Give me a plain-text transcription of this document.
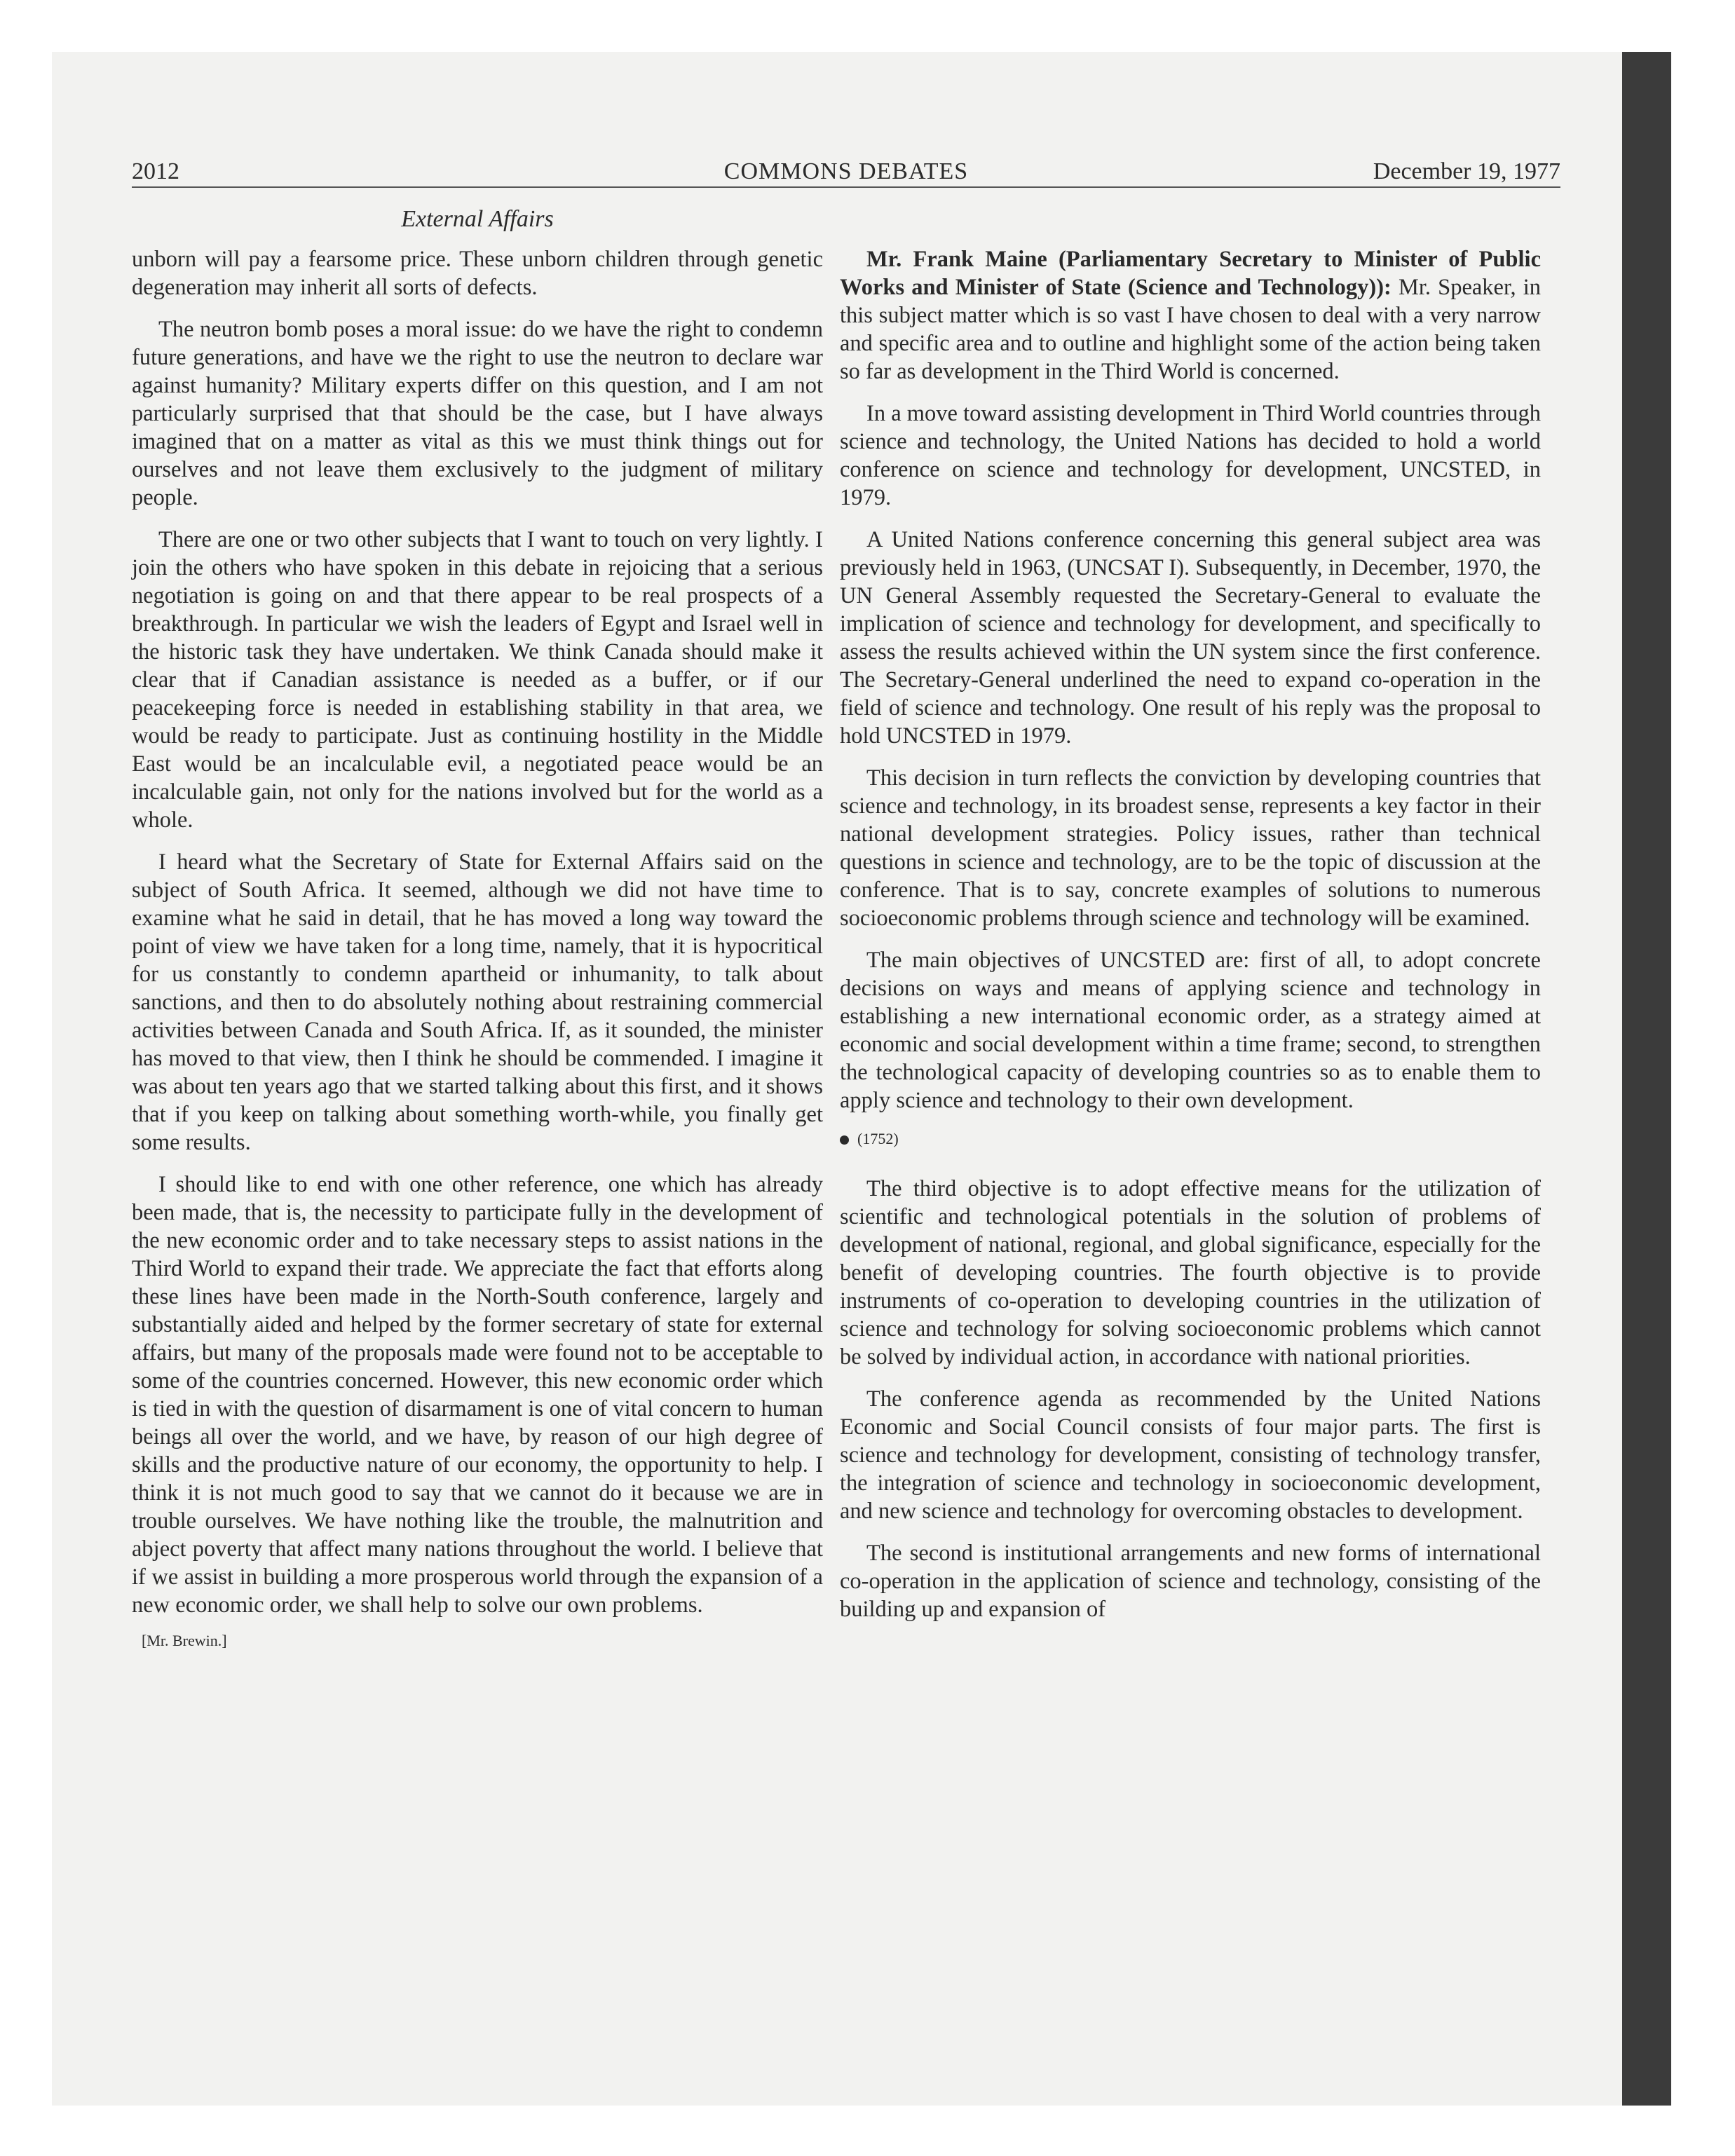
2012	COMMONS DEBATES	December 19, 1977
External Affairs

unborn will pay a fearsome price. These unborn children through genetic degeneration may inherit all sorts of defects.

The neutron bomb poses a moral issue: do we have the right to condemn future generations, and have we the right to use the neutron to declare war against humanity? Military experts differ on this question, and I am not particularly surprised that that should be the case, but I have always imagined that on a matter as vital as this we must think things out for ourselves and not leave them exclusively to the judgment of military people.

There are one or two other subjects that I want to touch on very lightly. I join the others who have spoken in this debate in rejoicing that a serious negotiation is going on and that there appear to be real prospects of a breakthrough. In particular we wish the leaders of Egypt and Israel well in the historic task they have undertaken. We think Canada should make it clear that if Canadian assistance is needed as a buffer, or if our peacekeeping force is needed in establishing stability in that area, we would be ready to participate. Just as continuing hostility in the Middle East would be an incalculable evil, a negotiated peace would be an incalculable gain, not only for the nations involved but for the world as a whole.

I heard what the Secretary of State for External Affairs said on the subject of South Africa. It seemed, although we did not have time to examine what he said in detail, that he has moved a long way toward the point of view we have taken for a long time, namely, that it is hypocritical for us constantly to condemn apartheid or inhumanity, to talk about sanctions, and then to do absolutely nothing about restraining commercial activities between Canada and South Africa. If, as it sounded, the minister has moved to that view, then I think he should be commended. I imagine it was about ten years ago that we started talking about this first, and it shows that if you keep on talking about something worth-while, you finally get some results.

I should like to end with one other reference, one which has already been made, that is, the necessity to participate fully in the development of the new economic order and to take necessary steps to assist nations in the Third World to expand their trade. We appreciate the fact that efforts along these lines have been made in the North-South conference, largely and substantially aided and helped by the former secretary of state for external affairs, but many of the proposals made were found not to be acceptable to some of the countries concerned. However, this new economic order which is tied in with the question of disarmament is one of vital concern to human beings all over the world, and we have, by reason of our high degree of skills and the productive nature of our economy, the opportunity to help. I think it is not much good to say that we cannot do it because we are in trouble ourselves. We have nothing like the trouble, the malnutrition and abject poverty that affect many nations throughout the world. I believe that if we assist in building a more prosperous world through the expansion of a new economic order, we shall help to solve our own problems.

[Mr. Brewin.]

Mr. Frank Maine (Parliamentary Secretary to Minister of Public Works and Minister of State (Science and Technology)): Mr. Speaker, in this subject matter which is so vast I have chosen to deal with a very narrow and specific area and to outline and highlight some of the action being taken so far as development in the Third World is concerned.

In a move toward assisting development in Third World countries through science and technology, the United Nations has decided to hold a world conference on science and technology for development, UNCSTED, in 1979.

A United Nations conference concerning this general subject area was previously held in 1963, (UNCSAT I). Subsequently, in December, 1970, the UN General Assembly requested the Secretary-General to evaluate the implication of science and technology for development, and specifically to assess the results achieved within the UN system since the first conference. The Secretary-General underlined the need to expand co-operation in the field of science and technology. One result of his reply was the proposal to hold UNCSTED in 1979.

This decision in turn reflects the conviction by developing countries that science and technology, in its broadest sense, represents a key factor in their national development strategies. Policy issues, rather than technical questions in science and technology, are to be the topic of discussion at the conference. That is to say, concrete examples of solutions to numerous socioeconomic problems through science and technology will be examined.

The main objectives of UNCSTED are: first of all, to adopt concrete decisions on ways and means of applying science and technology in establishing a new international economic order, as a strategy aimed at economic and social development within a time frame; second, to strengthen the technological capacity of developing countries so as to enable them to apply science and technology to their own development.

(1752)

The third objective is to adopt effective means for the utilization of scientific and technological potentials in the solution of problems of development of national, regional, and global significance, especially for the benefit of developing countries. The fourth objective is to provide instruments of co-operation to developing countries in the utilization of science and technology for solving socioeconomic problems which cannot be solved by individual action, in accordance with national priorities.

The conference agenda as recommended by the United Nations Economic and Social Council consists of four major parts. The first is science and technology for development, consisting of technology transfer, the integration of science and technology in socioeconomic development, and new science and technology for overcoming obstacles to development.

The second is institutional arrangements and new forms of international co-operation in the application of science and technology, consisting of the building up and expansion of
